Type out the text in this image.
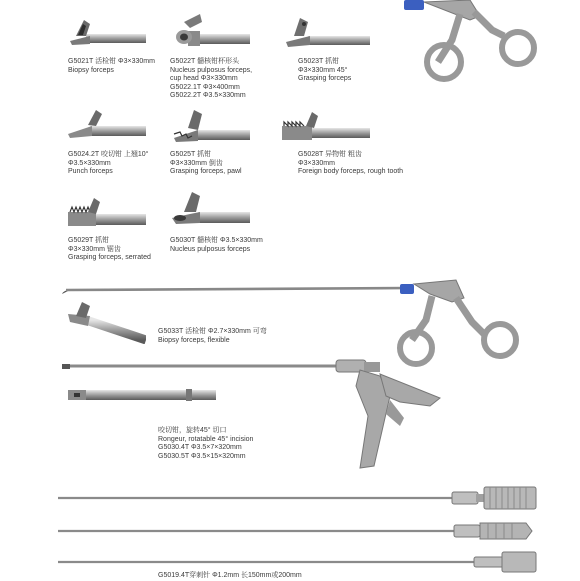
G5021T 活检钳 Φ3×330mm
Biopsy forceps
G5022T 髓核钳杯形头
Nucleus pulposus forceps,
cup head Φ3×330mm
G5022.1T Φ3×400mm
G5022.2T Φ3.5×330mm
G5023T 抓钳
Φ3×330mm 45°
Grasping forceps
G5024.2T 咬切钳 上翘10°
Φ3.5×330mm
Punch forceps
G5025T 抓钳
Φ3×330mm 倒齿
Grasping forceps, pawl
G5028T 异物钳 粗齿
Φ3×330mm
Foreign body forceps, rough tooth
G5029T 抓钳
Φ3×330mm 锯齿
Grasping forceps, serrated
G5030T 髓核钳 Φ3.5×330mm
Nucleus pulposus forceps
G5033T 活检钳 Φ2.7×330mm 可弯
Biopsy forceps, flexible
咬切钳，旋转45° 切口
Rongeur, rotatable 45° incision
G5030.4T Φ3.5×7×320mm
G5030.5T Φ3.5×15×320mm
G5019.4T穿刺针 Φ1.2mm 长150mm或200mm
